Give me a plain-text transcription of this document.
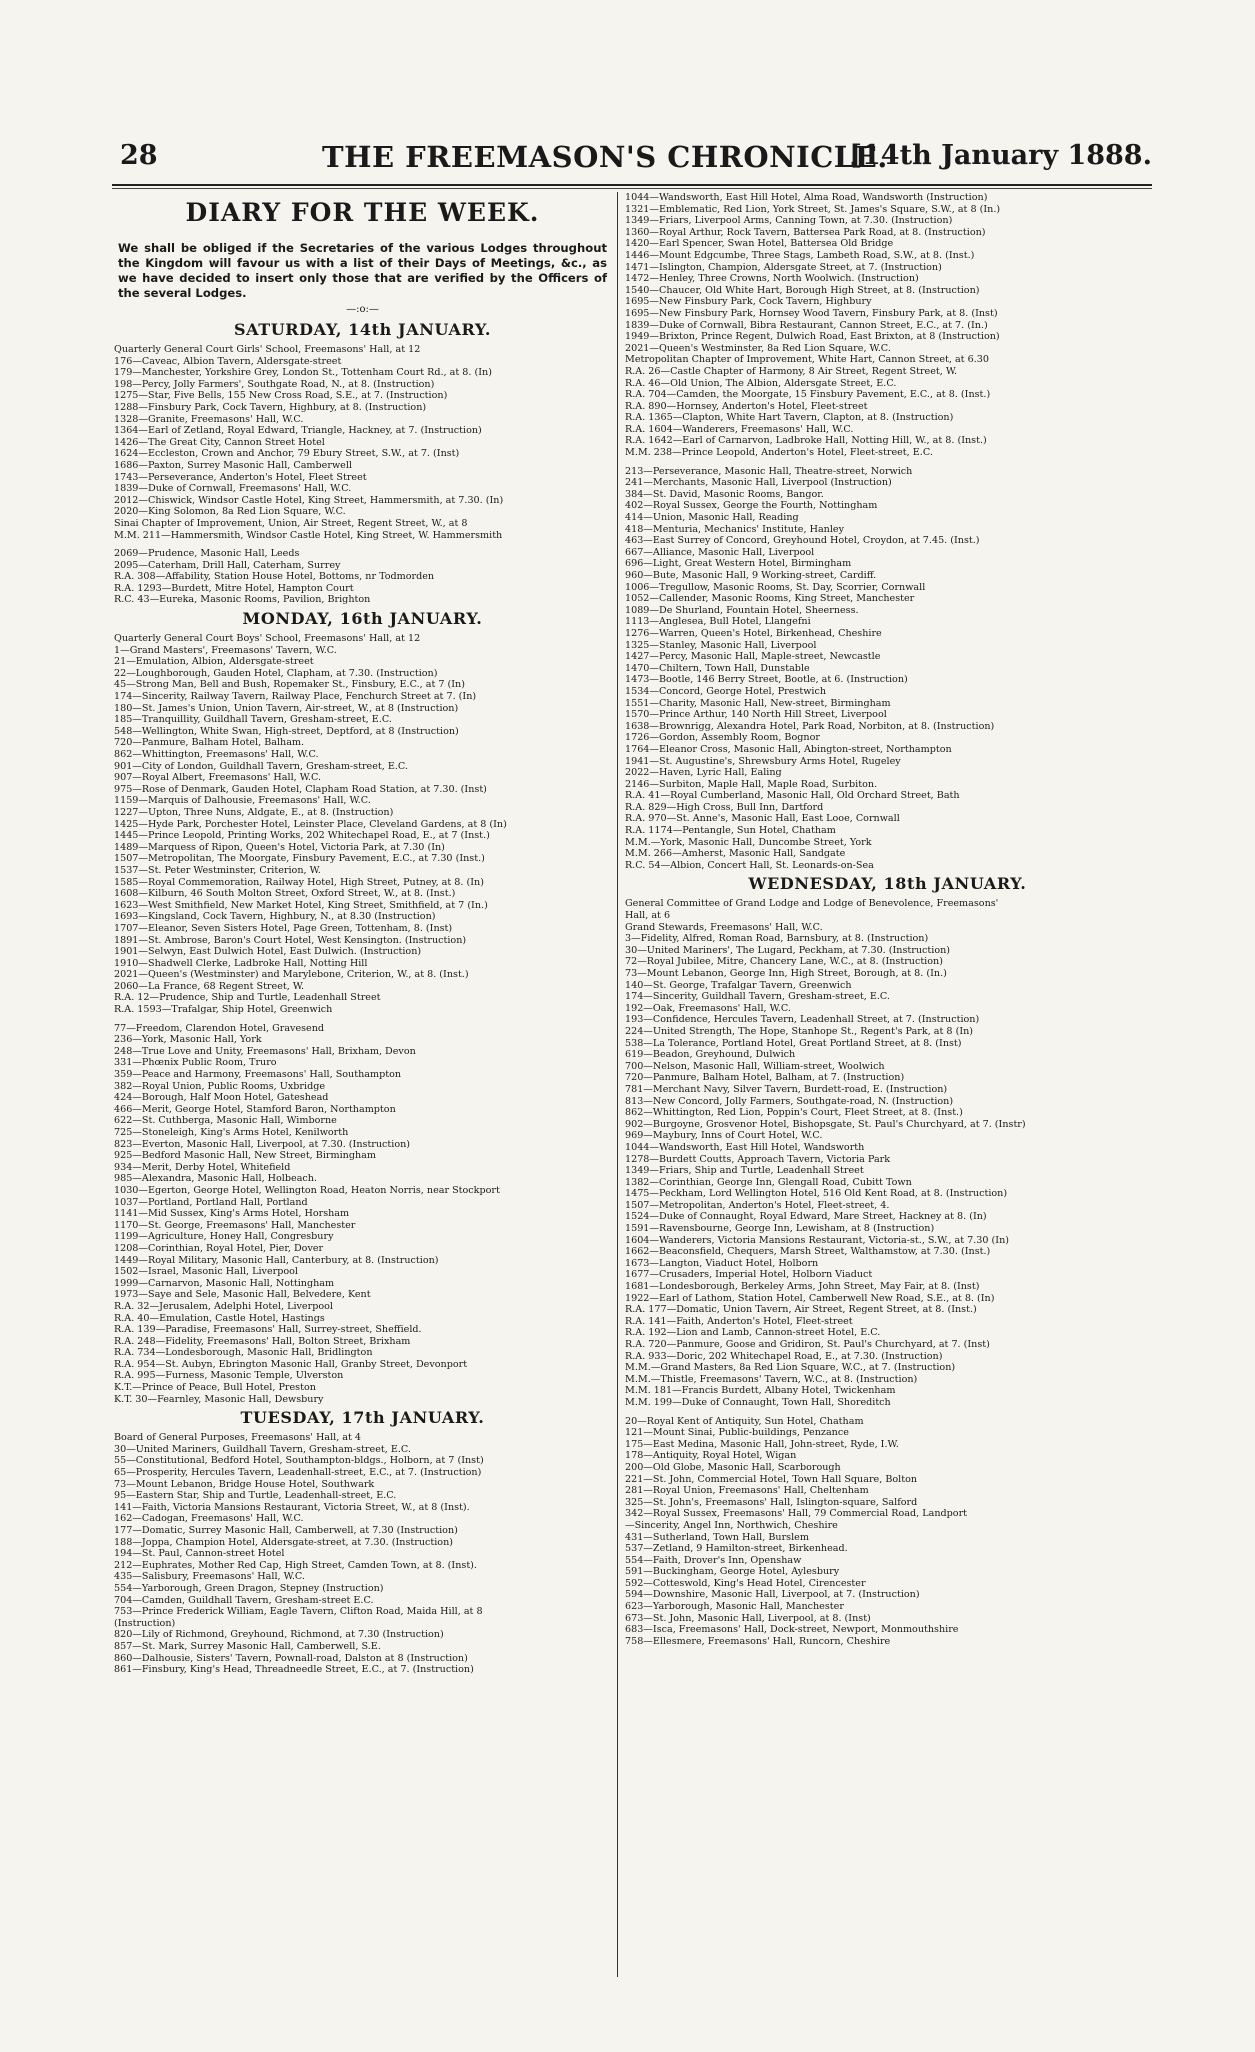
28	THE FREEMASON'S CHRONICLE.
[14th January 1888.
DIARY FOR THE WEEK.

We shall be obliged if the Secretaries of the various Lodges throughout the Kingdom will favour us with a list of their Days of Meetings, &c., as we have decided to insert only those that are verified by the Officers of the several Lodges.

—:o:—
SATURDAY, 14th JANUARY.
Quarterly General Court Girls' School, Freemasons' Hall, at 12
176—Caveac, Albion Tavern, Aldersgate-street
179—Manchester, Yorkshire Grey, London St., Tottenham Court Rd., at 8. (In)
198—Percy, Jolly Farmers', Southgate Road, N., at 8. (Instruction)
1275—Star, Five Bells, 155 New Cross Road, S.E., at 7. (Instruction)
1288—Finsbury Park, Cock Tavern, Highbury, at 8. (Instruction)
1328—Granite, Freemasons' Hall, W.C.
1364—Earl of Zetland, Royal Edward, Triangle, Hackney, at 7. (Instruction)
1426—The Great City, Cannon Street Hotel
1624—Eccleston, Crown and Anchor, 79 Ebury Street, S.W., at 7. (Inst)
1686—Paxton, Surrey Masonic Hall, Camberwell
1743—Perseverance, Anderton's Hotel, Fleet Street
1839—Duke of Cornwall, Freemasons' Hall, W.C.
2012—Chiswick, Windsor Castle Hotel, King Street, Hammersmith, at 7.30. (In)
2020—King Solomon, 8a Red Lion Square, W.C.
Sinai Chapter of Improvement, Union, Air Street, Regent Street, W., at 8
M.M. 211—Hammersmith, Windsor Castle Hotel, King Street, W. Hammersmith
2069—Prudence, Masonic Hall, Leeds
2095—Caterham, Drill Hall, Caterham, Surrey
R.A. 308—Affability, Station House Hotel, Bottoms, nr Todmorden
R.A. 1293—Burdett, Mitre Hotel, Hampton Court
R.C. 43—Eureka, Masonic Rooms, Pavilion, Brighton
MONDAY, 16th JANUARY.
Quarterly General Court Boys' School, Freemasons' Hall, at 12
1—Grand Masters', Freemasons' Tavern, W.C.
21—Emulation, Albion, Aldersgate-street
22—Loughborough, Gauden Hotel, Clapham, at 7.30. (Instruction)
45—Strong Man, Bell and Bush, Ropemaker St., Finsbury, E.C., at 7 (In)
174—Sincerity, Railway Tavern, Railway Place, Fenchurch Street at 7. (In)
180—St. James's Union, Union Tavern, Air-street, W., at 8 (Instruction)
185—Tranquillity, Guildhall Tavern, Gresham-street, E.C.
548—Wellington, White Swan, High-street, Deptford, at 8 (Instruction)
720—Panmure, Balham Hotel, Balham.
862—Whittington, Freemasons' Hall, W.C.
901—City of London, Guildhall Tavern, Gresham-street, E.C.
907—Royal Albert, Freemasons' Hall, W.C.
975—Rose of Denmark, Gauden Hotel, Clapham Road Station, at 7.30. (Inst)
1159—Marquis of Dalhousie, Freemasons' Hall, W.C.
1227—Upton, Three Nuns, Aldgate, E., at 8. (Instruction)
1425—Hyde Park, Porchester Hotel, Leinster Place, Cleveland Gardens, at 8 (In)
1445—Prince Leopold, Printing Works, 202 Whitechapel Road, E., at 7 (Inst.)
1489—Marquess of Ripon, Queen's Hotel, Victoria Park, at 7.30 (In)
1507—Metropolitan, The Moorgate, Finsbury Pavement, E.C., at 7.30 (Inst.)
1537—St. Peter Westminster, Criterion, W.
1585—Royal Commemoration, Railway Hotel, High Street, Putney, at 8. (In)
1608—Kilburn, 46 South Molton Street, Oxford Street, W., at 8. (Inst.)
1623—West Smithfield, New Market Hotel, King Street, Smithfield, at 7 (In.)
1693—Kingsland, Cock Tavern, Highbury, N., at 8.30 (Instruction)
1707—Eleanor, Seven Sisters Hotel, Page Green, Tottenham, 8. (Inst)
1891—St. Ambrose, Baron's Court Hotel, West Kensington. (Instruction)
1901—Selwyn, East Dulwich Hotel, East Dulwich. (Instruction)
1910—Shadwell Clerke, Ladbroke Hall, Notting Hill
2021—Queen's (Westminster) and Marylebone, Criterion, W., at 8. (Inst.)
2060—La France, 68 Regent Street, W.
R.A. 12—Prudence, Ship and Turtle, Leadenhall Street
R.A. 1593—Trafalgar, Ship Hotel, Greenwich
77—Freedom, Clarendon Hotel, Gravesend
236—York, Masonic Hall, York
248—True Love and Unity, Freemasons' Hall, Brixham, Devon
331—Phœnix Public Room, Truro
359—Peace and Harmony, Freemasons' Hall, Southampton
382—Royal Union, Public Rooms, Uxbridge
424—Borough, Half Moon Hotel, Gateshead
466—Merit, George Hotel, Stamford Baron, Northampton
622—St. Cuthberga, Masonic Hall, Wimborne
725—Stoneleigh, King's Arms Hotel, Kenilworth
823—Everton, Masonic Hall, Liverpool, at 7.30. (Instruction)
925—Bedford Masonic Hall, New Street, Birmingham
934—Merit, Derby Hotel, Whitefield
985—Alexandra, Masonic Hall, Holbeach.
1030—Egerton, George Hotel, Wellington Road, Heaton Norris, near Stockport
1037—Portland, Portland Hall, Portland
1141—Mid Sussex, King's Arms Hotel, Horsham
1170—St. George, Freemasons' Hall, Manchester
1199—Agriculture, Honey Hall, Congresbury
1208—Corinthian, Royal Hotel, Pier, Dover
1449—Royal Military, Masonic Hall, Canterbury, at 8. (Instruction)
1502—Israel, Masonic Hall, Liverpool
1999—Carnarvon, Masonic Hall, Nottingham
1973—Saye and Sele, Masonic Hall, Belvedere, Kent
R.A. 32—Jerusalem, Adelphi Hotel, Liverpool
R.A. 40—Emulation, Castle Hotel, Hastings
R.A. 139—Paradise, Freemasons' Hall, Surrey-street, Sheffield.
R.A. 248—Fidelity, Freemasons' Hall, Bolton Street, Brixham
R.A. 734—Londesborough, Masonic Hall, Bridlington
R.A. 954—St. Aubyn, Ebrington Masonic Hall, Granby Street, Devonport
R.A. 995—Furness, Masonic Temple, Ulverston
K.T.—Prince of Peace, Bull Hotel, Preston
K.T. 30—Fearnley, Masonic Hall, Dewsbury
TUESDAY, 17th JANUARY.
Board of General Purposes, Freemasons' Hall, at 4
30—United Mariners, Guildhall Tavern, Gresham-street, E.C.
55—Constitutional, Bedford Hotel, Southampton-bldgs., Holborn, at 7 (Inst)
65—Prosperity, Hercules Tavern, Leadenhall-street, E.C., at 7. (Instruction)
73—Mount Lebanon, Bridge House Hotel, Southwark
95—Eastern Star, Ship and Turtle, Leadenhall-street, E.C.
141—Faith, Victoria Mansions Restaurant, Victoria Street, W., at 8 (Inst).
162—Cadogan, Freemasons' Hall, W.C.
177—Domatic, Surrey Masonic Hall, Camberwell, at 7.30 (Instruction)
188—Joppa, Champion Hotel, Aldersgate-street, at 7.30. (Instruction)
194—St. Paul, Cannon-street Hotel
212—Euphrates, Mother Red Cap, High Street, Camden Town, at 8. (Inst).
435—Salisbury, Freemasons' Hall, W.C.
554—Yarborough, Green Dragon, Stepney (Instruction)
704—Camden, Guildhall Tavern, Gresham-street E.C.
753—Prince Frederick William, Eagle Tavern, Clifton Road, Maida Hill, at 8
(Instruction)
820—Lily of Richmond, Greyhound, Richmond, at 7.30 (Instruction)
857—St. Mark, Surrey Masonic Hall, Camberwell, S.E.
860—Dalhousie, Sisters' Tavern, Pownall-road, Dalston at 8 (Instruction)
861—Finsbury, King's Head, Threadneedle Street, E.C., at 7. (Instruction)
1044—Wandsworth, East Hill Hotel, Alma Road, Wandsworth (Instruction)
1321—Emblematic, Red Lion, York Street, St. James's Square, S.W., at 8 (In.)
1349—Friars, Liverpool Arms, Canning Town, at 7.30. (Instruction)
1360—Royal Arthur, Rock Tavern, Battersea Park Road, at 8. (Instruction)
1420—Earl Spencer, Swan Hotel, Battersea Old Bridge
1446—Mount Edgcumbe, Three Stags, Lambeth Road, S.W., at 8. (Inst.)
1471—Islington, Champion, Aldersgate Street, at 7. (Instruction)
1472—Henley, Three Crowns, North Woolwich. (Instruction)
1540—Chaucer, Old White Hart, Borough High Street, at 8. (Instruction)
1695—New Finsbury Park, Cock Tavern, Highbury
1695—New Finsbury Park, Hornsey Wood Tavern, Finsbury Park, at 8. (Inst)
1839—Duke of Cornwall, Bibra Restaurant, Cannon Street, E.C., at 7. (In.)
1949—Brixton, Prince Regent, Dulwich Road, East Brixton, at 8 (Instruction)
2021—Queen's Westminster, 8a Red Lion Square, W.C.
Metropolitan Chapter of Improvement, White Hart, Cannon Street, at 6.30
R.A. 26—Castle Chapter of Harmony, 8 Air Street, Regent Street, W.
R.A. 46—Old Union, The Albion, Aldersgate Street, E.C.
R.A. 704—Camden, the Moorgate, 15 Finsbury Pavement, E.C., at 8. (Inst.)
R.A. 890—Hornsey, Anderton's Hotel, Fleet-street
R.A. 1365—Clapton, White Hart Tavern, Clapton, at 8. (Instruction)
R.A. 1604—Wanderers, Freemasons' Hall, W.C.
R.A. 1642—Earl of Carnarvon, Ladbroke Hall, Notting Hill, W., at 8. (Inst.)
M.M. 238—Prince Leopold, Anderton's Hotel, Fleet-street, E.C.
213—Perseverance, Masonic Hall, Theatre-street, Norwich
241—Merchants, Masonic Hall, Liverpool (Instruction)
384—St. David, Masonic Rooms, Bangor.
402—Royal Sussex, George the Fourth, Nottingham
414—Union, Masonic Hall, Reading
418—Menturia, Mechanics' Institute, Hanley
463—East Surrey of Concord, Greyhound Hotel, Croydon, at 7.45. (Inst.)
667—Alliance, Masonic Hall, Liverpool
696—Light, Great Western Hotel, Birmingham
960—Bute, Masonic Hall, 9 Working-street, Cardiff.
1006—Tregullow, Masonic Rooms, St. Day, Scorrier, Cornwall
1052—Callender, Masonic Rooms, King Street, Manchester
1089—De Shurland, Fountain Hotel, Sheerness.
1113—Anglesea, Bull Hotel, Llangefni
1276—Warren, Queen's Hotel, Birkenhead, Cheshire
1325—Stanley, Masonic Hall, Liverpool
1427—Percy, Masonic Hall, Maple-street, Newcastle
1470—Chiltern, Town Hall, Dunstable
1473—Bootle, 146 Berry Street, Bootle, at 6. (Instruction)
1534—Concord, George Hotel, Prestwich
1551—Charity, Masonic Hall, New-street, Birmingham
1570—Prince Arthur, 140 North Hill Street, Liverpool
1638—Brownrigg, Alexandra Hotel, Park Road, Norbiton, at 8. (Instruction)
1726—Gordon, Assembly Room, Bognor
1764—Eleanor Cross, Masonic Hall, Abington-street, Northampton
1941—St. Augustine's, Shrewsbury Arms Hotel, Rugeley
2022—Haven, Lyric Hall, Ealing
2146—Surbiton, Maple Hall, Maple Road, Surbiton.
R.A. 41—Royal Cumberland, Masonic Hall, Old Orchard Street, Bath
R.A. 829—High Cross, Bull Inn, Dartford
R.A. 970—St. Anne's, Masonic Hall, East Looe, Cornwall
R.A. 1174—Pentangle, Sun Hotel, Chatham
M.M.—York, Masonic Hall, Duncombe Street, York
M.M. 266—Amherst, Masonic Hall, Sandgate
R.C. 54—Albion, Concert Hall, St. Leonards-on-Sea
WEDNESDAY, 18th JANUARY.
General Committee of Grand Lodge and Lodge of Benevolence, Freemasons'
Hall, at 6
Grand Stewards, Freemasons' Hall, W.C.
3—Fidelity, Alfred, Roman Road, Barnsbury, at 8. (Instruction)
30—United Mariners', The Lugard, Peckham, at 7.30. (Instruction)
72—Royal Jubilee, Mitre, Chancery Lane, W.C., at 8. (Instruction)
73—Mount Lebanon, George Inn, High Street, Borough, at 8. (In.)
140—St. George, Trafalgar Tavern, Greenwich
174—Sincerity, Guildhall Tavern, Gresham-street, E.C.
192—Oak, Freemasons' Hall, W.C.
193—Confidence, Hercules Tavern, Leadenhall Street, at 7. (Instruction)
224—United Strength, The Hope, Stanhope St., Regent's Park, at 8 (In)
538—La Tolerance, Portland Hotel, Great Portland Street, at 8. (Inst)
619—Beadon, Greyhound, Dulwich
700—Nelson, Masonic Hall, William-street, Woolwich
720—Panmure, Balham Hotel, Balham, at 7. (Instruction)
781—Merchant Navy, Silver Tavern, Burdett-road, E. (Instruction)
813—New Concord, Jolly Farmers, Southgate-road, N. (Instruction)
862—Whittington, Red Lion, Poppin's Court, Fleet Street, at 8. (Inst.)
902—Burgoyne, Grosvenor Hotel, Bishopsgate, St. Paul's Churchyard, at 7. (Instr)
969—Maybury, Inns of Court Hotel, W.C.
1044—Wandsworth, East Hill Hotel, Wandsworth
1278—Burdett Coutts, Approach Tavern, Victoria Park
1349—Friars, Ship and Turtle, Leadenhall Street
1382—Corinthian, George Inn, Glengall Road, Cubitt Town
1475—Peckham, Lord Wellington Hotel, 516 Old Kent Road, at 8. (Instruction)
1507—Metropolitan, Anderton's Hotel, Fleet-street, 4.
1524—Duke of Connaught, Royal Edward, Mare Street, Hackney at 8. (In)
1591—Ravensbourne, George Inn, Lewisham, at 8 (Instruction)
1604—Wanderers, Victoria Mansions Restaurant, Victoria-st., S.W., at 7.30 (In)
1662—Beaconsfield, Chequers, Marsh Street, Walthamstow, at 7.30. (Inst.)
1673—Langton, Viaduct Hotel, Holborn
1677—Crusaders, Imperial Hotel, Holborn Viaduct
1681—Londesborough, Berkeley Arms, John Street, May Fair, at 8. (Inst)
1922—Earl of Lathom, Station Hotel, Camberwell New Road, S.E., at 8. (In)
R.A. 177—Domatic, Union Tavern, Air Street, Regent Street, at 8. (Inst.)
R.A. 141—Faith, Anderton's Hotel, Fleet-street
R.A. 192—Lion and Lamb, Cannon-street Hotel, E.C.
R.A. 720—Panmure, Goose and Gridiron, St. Paul's Churchyard, at 7. (Inst)
R.A. 933—Doric, 202 Whitechapel Road, E., at 7.30. (Instruction)
M.M.—Grand Masters, 8a Red Lion Square, W.C., at 7. (Instruction)
M.M.—Thistle, Freemasons' Tavern, W.C., at 8. (Instruction)
M.M. 181—Francis Burdett, Albany Hotel, Twickenham
M.M. 199—Duke of Connaught, Town Hall, Shoreditch
20—Royal Kent of Antiquity, Sun Hotel, Chatham
121—Mount Sinai, Public-buildings, Penzance
175—East Medina, Masonic Hall, John-street, Ryde, I.W.
178—Antiquity, Royal Hotel, Wigan
200—Old Globe, Masonic Hall, Scarborough
221—St. John, Commercial Hotel, Town Hall Square, Bolton
281—Royal Union, Freemasons' Hall, Cheltenham
325—St. John's, Freemasons' Hall, Islington-square, Salford
342—Royal Sussex, Freemasons' Hall, 79 Commercial Road, Landport
—Sincerity, Angel Inn, Northwich, Cheshire
431—Sutherland, Town Hall, Burslem
537—Zetland, 9 Hamilton-street, Birkenhead.
554—Faith, Drover's Inn, Openshaw
591—Buckingham, George Hotel, Aylesbury
592—Cotteswold, King's Head Hotel, Cirencester
594—Downshire, Masonic Hall, Liverpool, at 7. (Instruction)
623—Yarborough, Masonic Hall, Manchester
673—St. John, Masonic Hall, Liverpool, at 8. (Inst)
683—Isca, Freemasons' Hall, Dock-street, Newport, Monmouthshire
758—Ellesmere, Freemasons' Hall, Runcorn, Cheshire
